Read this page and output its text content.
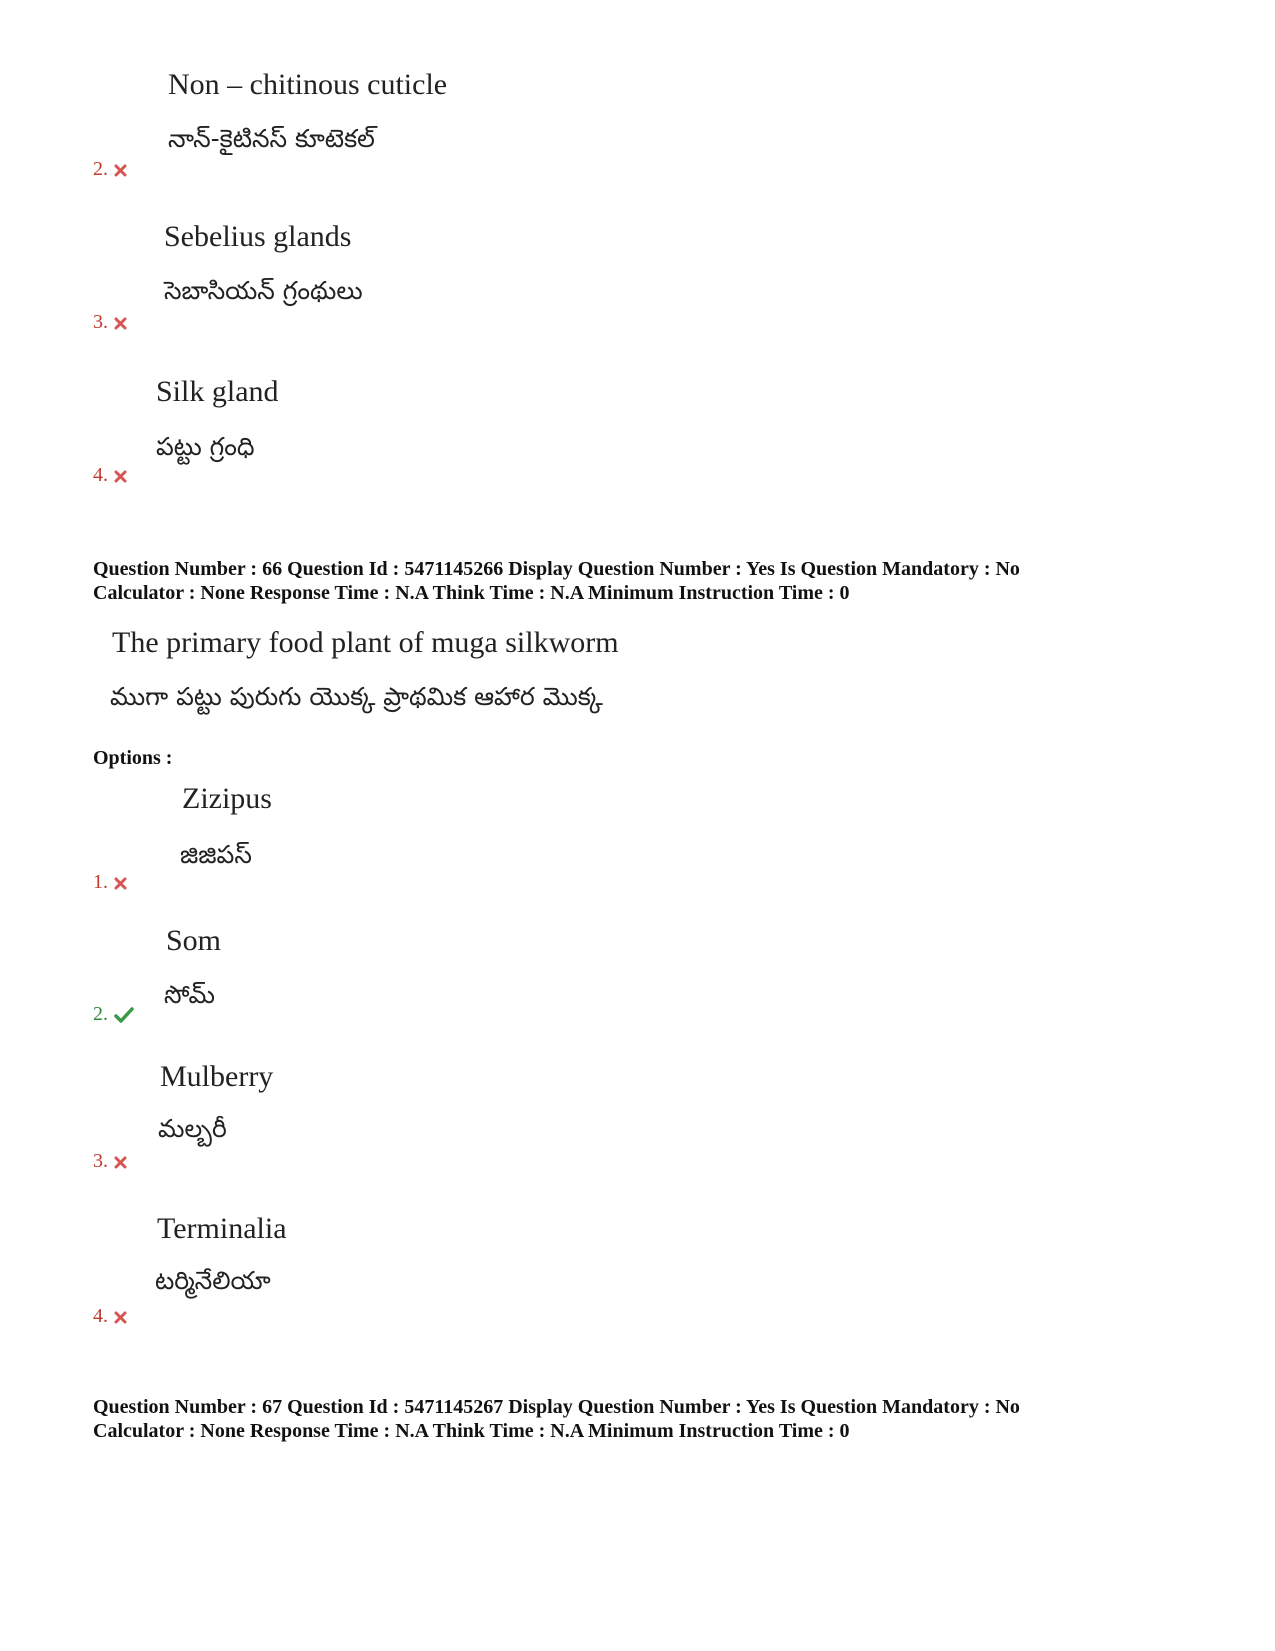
Non – chitinous cuticle
నాన్-కైటినస్ కూటెకల్
2.
Sebelius glands
సెబాసియన్ గ్రంథులు
3.
Silk gland
పట్టు గ్రంధి
4.
Question Number : 66 Question Id : 5471145266 Display Question Number : Yes Is Question Mandatory : No
Calculator : None Response Time : N.A Think Time : N.A Minimum Instruction Time : 0
The primary food plant of muga silkworm
ముగా పట్టు పురుగు యొక్క ప్రాథమిక ఆహార మొక్క
Options :
Zizipus
జిజిపస్
1.
Som
సోమ్
2.
Mulberry
మల్బరీ
3.
Terminalia
టర్మినేలియా
4.
Question Number : 67 Question Id : 5471145267 Display Question Number : Yes Is Question Mandatory : No
Calculator : None Response Time : N.A Think Time : N.A Minimum Instruction Time : 0
